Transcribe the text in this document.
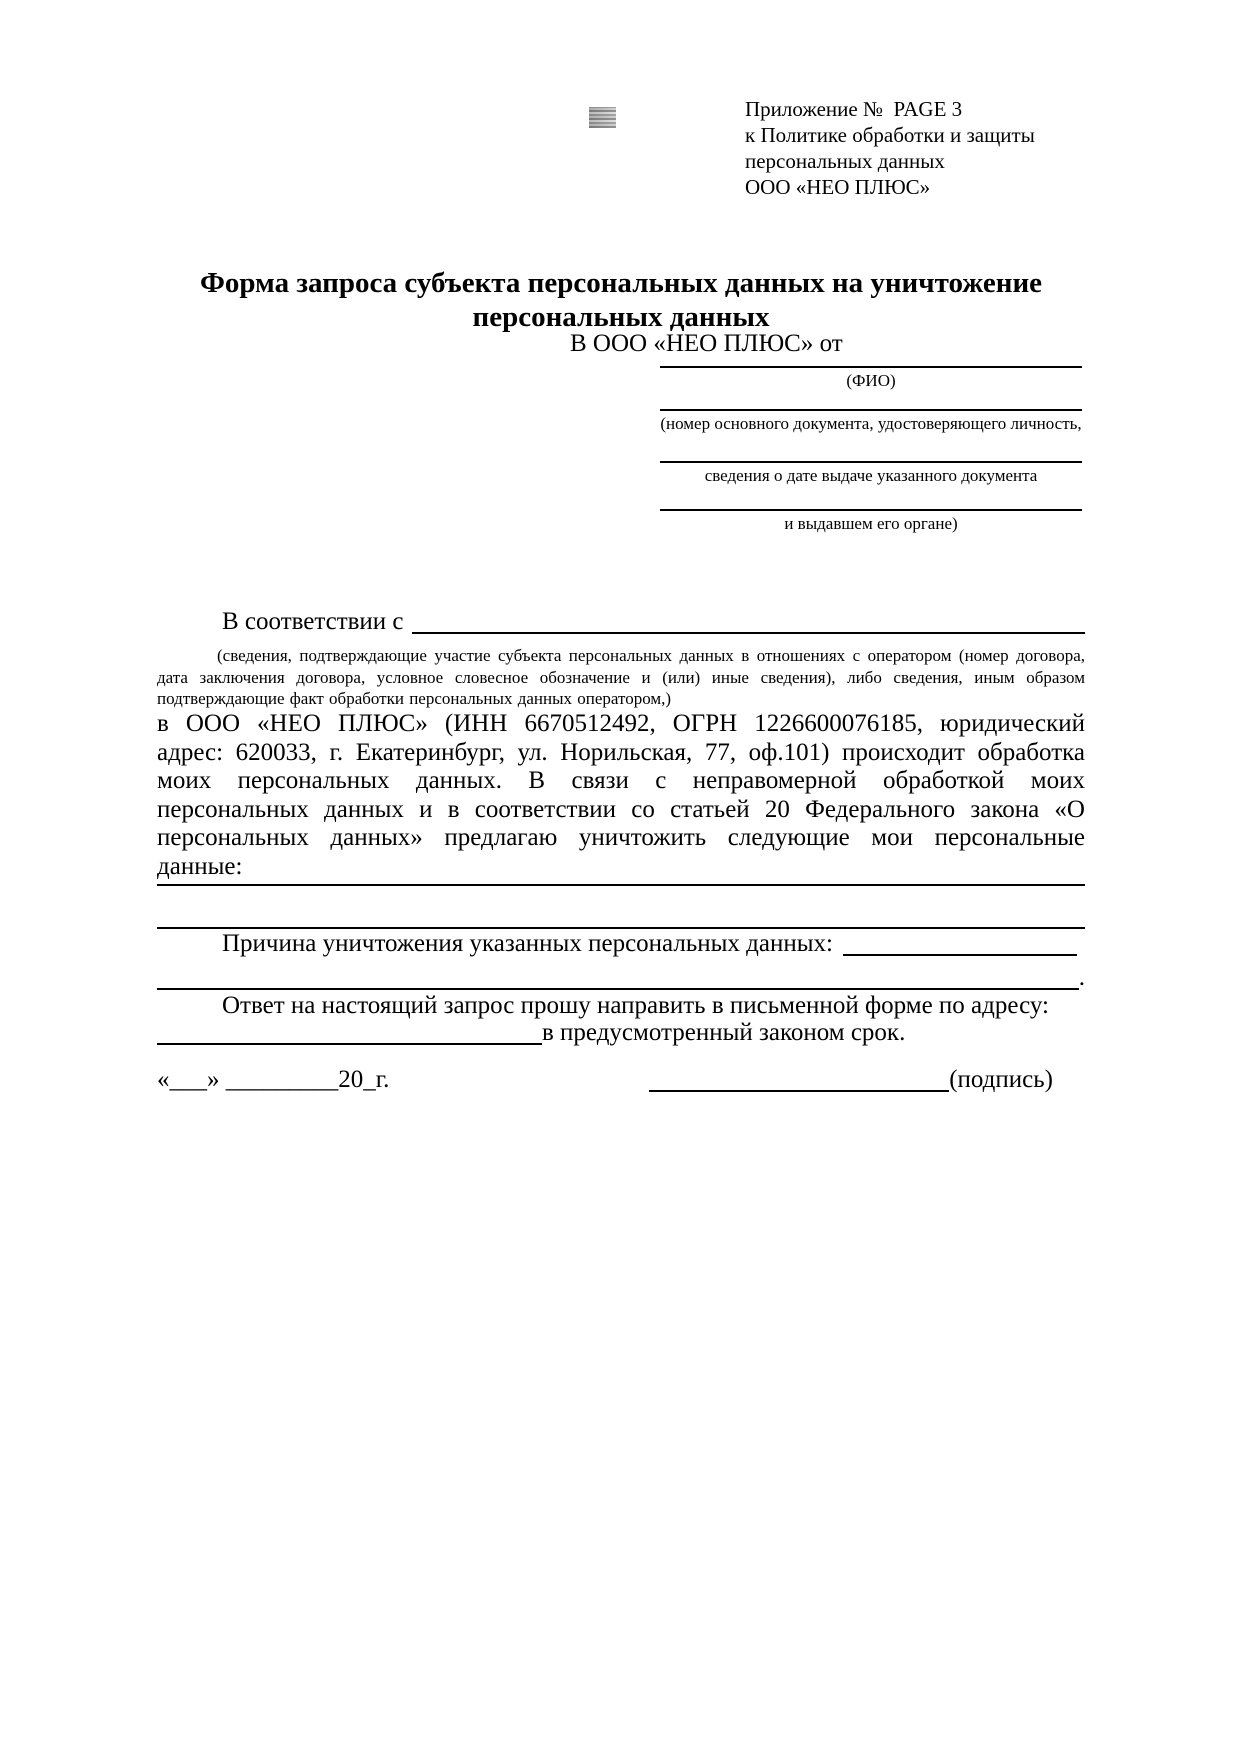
Приложение №  PAGE 3
к Политике обработки и защиты
персональных данных
ООО «НЕО ПЛЮС»
Форма запроса субъекта персональных данных на уничтожение
персональных данных
В ООО «НЕО ПЛЮС» от
(ФИО)
(номер основного документа, удостоверяющего личность,
сведения о дате выдаче указанного документа
и выдавшем его органе)
В соответствии с
(сведения, подтверждающие участие субъекта персональных данных в отношениях с оператором (номер договора, дата заключения договора, условное словесное обозначение и (или) иные сведения), либо сведения, иным образом подтверждающие факт обработки персональных данных оператором,)
в ООО «НЕО ПЛЮС» (ИНН 6670512492, ОГРН 1226600076185, юридический адрес: 620033, г. Екатеринбург, ул. Норильская, 77, оф.101) происходит обработка моих персональных данных. В связи с неправомерной обработкой моих персональных данных и в соответствии со статьей 20 Федерального закона «О персональных данных» предлагаю уничтожить следующие мои персональные данные:
Причина уничтожения указанных персональных данных:
.
Ответ на настоящий запрос прошу направить в письменной форме по адресу:
в предусмотренный законом срок.
«___» _________20_г.	(подпись)
